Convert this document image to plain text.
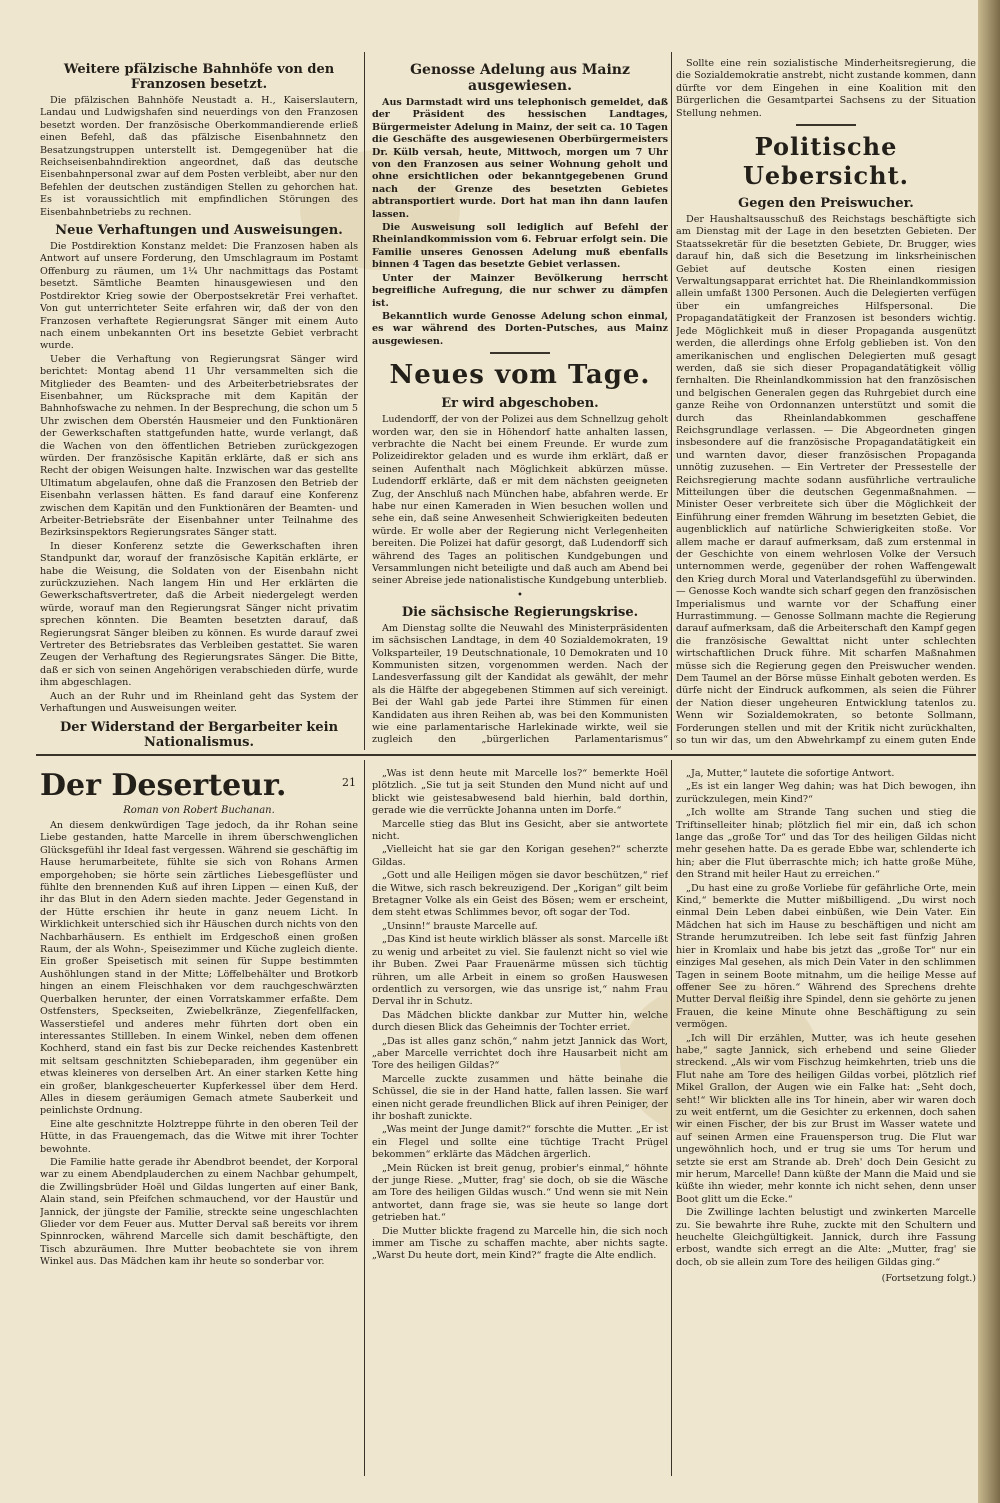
Weitere pfälzische Bahnhöfe von den Franzosen besetzt.

Die pfälzischen Bahnhöfe Neustadt a. H., Kaiserslautern, Landau und Ludwigshafen sind neuerdings von den Franzosen besetzt worden. Der französische Oberkommandierende erließ einen Befehl, daß das pfälzische Eisenbahnnetz den Besatzungstruppen unterstellt ist. Demgegenüber hat die Reichseisenbahndirektion angeordnet, daß das deutsche Eisenbahnpersonal zwar auf dem Posten verbleibt, aber nur den Befehlen der deutschen zuständigen Stellen zu gehorchen hat. Es ist voraussichtlich mit empfindlichen Störungen des Eisenbahnbetriebs zu rechnen.

Neue Verhaftungen und Ausweisungen.

Die Postdirektion Konstanz meldet: Die Franzosen haben als Antwort auf unsere Forderung, den Umschlagraum im Postamt Offenburg zu räumen, um 1¼ Uhr nachmittags das Postamt besetzt. Sämtliche Beamten hinausgewiesen und den Postdirektor Krieg sowie der Oberpostsekretär Frei verhaftet. Von gut unterrichteter Seite erfahren wir, daß der von den Franzosen verhaftete Regierungsrat Sänger mit einem Auto nach einem unbekannten Ort ins besetzte Gebiet verbracht wurde.

Ueber die Verhaftung von Regierungsrat Sänger wird berichtet: Montag abend 11 Uhr versammelten sich die Mitglieder des Beamten- und des Arbeiterbetriebsrates der Eisenbahner, um Rücksprache mit dem Kapitän der Bahnhofswache zu nehmen. In der Besprechung, die schon um 5 Uhr zwischen dem Oberstén Hausmeier und den Funktionären der Gewerkschaften stattgefunden hatte, wurde verlangt, daß die Wachen von den öffentlichen Betrieben zurückgezogen würden. Der französische Kapitän erklärte, daß er sich ans Recht der obigen Weisungen halte. Inzwischen war das gestellte Ultimatum abgelaufen, ohne daß die Franzosen den Betrieb der Eisenbahn verlassen hätten. Es fand darauf eine Konferenz zwischen dem Kapitän und den Funktionären der Beamten- und Arbeiter-Betriebsräte der Eisenbahner unter Teilnahme des Bezirksinspektors Regierungsrates Sänger statt.

In dieser Konferenz setzte die Gewerkschaften ihren Standpunkt dar, worauf der französische Kapitän erklärte, er habe die Weisung, die Soldaten von der Eisenbahn nicht zurückzuziehen. Nach langem Hin und Her erklärten die Gewerkschaftsvertreter, daß die Arbeit niedergelegt werden würde, worauf man den Regierungsrat Sänger nicht privatim sprechen könnten. Die Beamten besetzten darauf, daß Regierungsrat Sänger bleiben zu können. Es wurde darauf zwei Vertreter des Betriebsrates das Verbleiben gestattet. Sie waren Zeugen der Verhaftung des Regierungsrates Sänger. Die Bitte, daß er sich von seinen Angehörigen verabschieden dürfe, wurde ihm abgeschlagen.

Auch an der Ruhr und im Rheinland geht das System der Verhaftungen und Ausweisungen weiter.

Der Widerstand der Bergarbeiter kein Nationalismus.

Genosse Adelung aus Mainz ausgewiesen.

Aus Darmstadt wird uns telephonisch gemeldet, daß der Präsident des hessischen Landtages, Bürgermeister Adelung in Mainz, der seit ca. 10 Tagen die Geschäfte des ausgewiesenen Oberbürgermeisters Dr. Külb versah, heute, Mittwoch, morgen um 7 Uhr von den Franzosen aus seiner Wohnung geholt und ohne ersichtlichen oder bekanntgegebenen Grund nach der Grenze des besetzten Gebietes abtransportiert wurde. Dort hat man ihn dann laufen lassen.

Die Ausweisung soll lediglich auf Befehl der Rheinlandkommission vom 6. Februar erfolgt sein. Die Familie unseres Genossen Adelung muß ebenfalls binnen 4 Tagen das besetzte Gebiet verlassen.

Unter der Mainzer Bevölkerung herrscht begreifliche Aufregung, die nur schwer zu dämpfen ist.

Bekanntlich wurde Genosse Adelung schon einmal, es war während des Dorten-Putsches, aus Mainz ausgewiesen.

Neues vom Tage.
Er wird abgeschoben.

Ludendorff, der von der Polizei aus dem Schnellzug geholt worden war, den sie in Höhendorf hatte anhalten lassen, verbrachte die Nacht bei einem Freunde. Er wurde zum Polizeidirektor geladen und es wurde ihm erklärt, daß er seinen Aufenthalt nach Möglichkeit abkürzen müsse. Ludendorff erklärte, daß er mit dem nächsten geeigneten Zug, der Anschluß nach München habe, abfahren werde. Er habe nur einen Kameraden in Wien besuchen wollen und sehe ein, daß seine Anwesenheit Schwierigkeiten bedeuten würde. Er wolle aber der Regierung nicht Verlegenheiten bereiten. Die Polizei hat dafür gesorgt, daß Ludendorff sich während des Tages an politischen Kundgebungen und Versammlungen nicht beteiligte und daß auch am Abend bei seiner Abreise jede nationalistische Kundgebung unterblieb.

•
Die sächsische Regierungskrise.

Am Dienstag sollte die Neuwahl des Ministerpräsidenten im sächsischen Landtage, in dem 40 Sozialdemokraten, 19 Volksparteiler, 19 Deutschnationale, 10 Demokraten und 10 Kommunisten sitzen, vorgenommen werden. Nach der Landesverfassung gilt der Kandidat als gewählt, der mehr als die Hälfte der abgegebenen Stimmen auf sich vereinigt. Bei der Wahl gab jede Partei ihre Stimmen für einen Kandidaten aus ihren Reihen ab, was bei den Kommunisten wie eine parlamentarische Harlekinade wirkte, weil sie zugleich den „bürgerlichen Parlamentarismus“

Sollte eine rein sozialistische Minderheitsregierung, die die Sozialdemokratie anstrebt, nicht zustande kommen, dann dürfte vor dem Eingehen in eine Koalition mit den Bürgerlichen die Gesamtpartei Sachsens zu der Situation Stellung nehmen.

Politische Uebersicht.
Gegen den Preiswucher.

Der Haushaltsausschuß des Reichstags beschäftigte sich am Dienstag mit der Lage in den besetzten Gebieten. Der Staatssekretär für die besetzten Gebiete, Dr. Brugger, wies darauf hin, daß sich die Besetzung im linksrheinischen Gebiet auf deutsche Kosten einen riesigen Verwaltungsapparat errichtet hat. Die Rheinlandkommission allein umfaßt 1300 Personen. Auch die Delegierten verfügen über ein umfangreiches Hilfspersonal. Die Propagandatätigkeit der Franzosen ist besonders wichtig. Jede Möglichkeit muß in dieser Propaganda ausgenützt werden, die allerdings ohne Erfolg geblieben ist. Von den amerikanischen und englischen Delegierten muß gesagt werden, daß sie sich dieser Propagandatätigkeit völlig fernhalten. Die Rheinlandkommission hat den französischen und belgischen Generalen gegen das Ruhrgebiet durch eine ganze Reihe von Ordonnanzen unterstützt und somit die durch das Rheinlandabkommen geschaffene Reichsgrundlage verlassen. — Die Abgeordneten gingen insbesondere auf die französische Propagandatätigkeit ein und warnten davor, dieser französischen Propaganda unnötig zuzusehen. — Ein Vertreter der Pressestelle der Reichsregierung machte sodann ausführliche vertrauliche Mitteilungen über die deutschen Gegenmaßnahmen. — Minister Oeser verbreitete sich über die Möglichkeit der Einführung einer fremden Währung im besetzten Gebiet, die augenblicklich auf natürliche Schwierigkeiten stoße. Vor allem mache er darauf aufmerksam, daß zum erstenmal in der Geschichte von einem wehrlosen Volke der Versuch unternommen werde, gegenüber der rohen Waffengewalt den Krieg durch Moral und Vaterlandsgefühl zu überwinden. — Genosse Koch wandte sich scharf gegen den französischen Imperialismus und warnte vor der Schaffung einer Hurrastimmung. — Genosse Sollmann machte die Regierung darauf aufmerksam, daß die Arbeiterschaft den Kampf gegen die französische Gewalttat nicht unter schlechten wirtschaftlichen Druck führe. Mit scharfen Maßnahmen müsse sich die Regierung gegen den Preiswucher wenden. Dem Taumel an der Börse müsse Einhalt geboten werden. Es dürfe nicht der Eindruck aufkommen, als seien die Führer der Nation dieser ungeheuren Entwicklung tatenlos zu. Wenn wir Sozialdemokraten, so betonte Sollmann, Forderungen stellen und mit der Kritik nicht zurückhalten, so tun wir das, um den Abwehrkampf zu einem guten Ende

Der Deserteur.	21
Roman von Robert Buchanan.

An diesem denkwürdigen Tage jedoch, da ihr Rohan seine Liebe gestanden, hatte Marcelle in ihrem überschwenglichen Glücksgefühl ihr Ideal fast vergessen. Während sie geschäftig im Hause herumarbeitete, fühlte sie sich von Rohans Armen emporgehoben; sie hörte sein zärtliches Liebesgeflüster und fühlte den brennenden Kuß auf ihren Lippen — einen Kuß, der ihr das Blut in den Adern sieden machte. Jeder Gegenstand in der Hütte erschien ihr heute in ganz neuem Licht. In Wirklichkeit unterschied sich ihr Häuschen durch nichts von den Nachbarhäusern. Es enthielt im Erdgeschoß einen großen Raum, der als Wohn-, Speisezimmer und Küche zugleich diente. Ein großer Speisetisch mit seinen für Suppe bestimmten Aushöhlungen stand in der Mitte; Löffelbehälter und Brotkorb hingen an einem Fleischhaken vor dem rauchgeschwärzten Querbalken herunter, der einen Vorratskammer erfaßte. Dem Ostfensters, Speckseiten, Zwiebelkränze, Ziegenfellfacken, Wasserstiefel und anderes mehr führten dort oben ein interessantes Stillleben. In einem Winkel, neben dem offenen Kochherd, stand ein fast bis zur Decke reichendes Kastenbrett mit seltsam geschnitzten Schiebeparaden, ihm gegenüber ein etwas kleineres von derselben Art. An einer starken Kette hing ein großer, blankgescheuerter Kupferkessel über dem Herd. Alles in diesem geräumigen Gemach atmete Sauberkeit und peinlichste Ordnung.

Eine alte geschnitzte Holztreppe führte in den oberen Teil der Hütte, in das Frauengemach, das die Witwe mit ihrer Tochter bewohnte.

Die Familie hatte gerade ihr Abendbrot beendet, der Korporal war zu einem Abendplauderchen zu einem Nachbar gehumpelt, die Zwillingsbrüder Hoël und Gildas lungerten auf einer Bank, Alain stand, sein Pfeifchen schmauchend, vor der Haustür und Jannick, der jüngste der Familie, streckte seine ungeschlachten Glieder vor dem Feuer aus. Mutter Derval saß bereits vor ihrem Spinnrocken, während Marcelle sich damit beschäftigte, den Tisch abzuräumen. Ihre Mutter beobachtete sie von ihrem Winkel aus. Das Mädchen kam ihr heute so sonderbar vor.

„Was ist denn heute mit Marcelle los?“ bemerkte Hoël plötzlich. „Sie tut ja seit Stunden den Mund nicht auf und blickt wie geistesabwesend bald hierhin, bald dorthin, gerade wie die verrückte Johanna unten im Dorfe.“

Marcelle stieg das Blut ins Gesicht, aber sie antwortete nicht.

„Vielleicht hat sie gar den Korigan gesehen?“ scherzte Gildas.

„Gott und alle Heiligen mögen sie davor beschützen,“ rief die Witwe, sich rasch bekreuzigend. Der „Korigan“ gilt beim Bretagner Volke als ein Geist des Bösen; wem er erscheint, dem steht etwas Schlimmes bevor, oft sogar der Tod.

„Unsinn!“ brauste Marcelle auf.

„Das Kind ist heute wirklich blässer als sonst. Marcelle ißt zu wenig und arbeitet zu viel. Sie faulenzt nicht so viel wie ihr Buben. Zwei Paar Frauenärme müssen sich tüchtig rühren, um alle Arbeit in einem so großen Hauswesen ordentlich zu versorgen, wie das unsrige ist,“ nahm Frau Derval ihr in Schutz.

Das Mädchen blickte dankbar zur Mutter hin, welche durch diesen Blick das Geheimnis der Tochter erriet.

„Das ist alles ganz schön,“ nahm jetzt Jannick das Wort, „aber Marcelle verrichtet doch ihre Hausarbeit nicht am Tore des heiligen Gildas?“

Marcelle zuckte zusammen und hätte beinahe die Schüssel, die sie in der Hand hatte, fallen lassen. Sie warf einen nicht gerade freundlichen Blick auf ihren Peiniger, der ihr boshaft zunickte.

„Was meint der Junge damit?“ forschte die Mutter. „Er ist ein Flegel und sollte eine tüchtige Tracht Prügel bekommen“ erklärte das Mädchen ärgerlich.

„Mein Rücken ist breit genug, probier's einmal,“ höhnte der junge Riese. „Mutter, frag' sie doch, ob sie die Wäsche am Tore des heiligen Gildas wusch.“ Und wenn sie mit Nein antwortet, dann frage sie, was sie heute so lange dort getrieben hat.“

Die Mutter blickte fragend zu Marcelle hin, die sich noch immer am Tische zu schaffen machte, aber nichts sagte. „Warst Du heute dort, mein Kind?“ fragte die Alte endlich.

„Ja, Mutter,“ lautete die sofortige Antwort.

„Es ist ein langer Weg dahin; was hat Dich bewogen, ihn zurückzulegen, mein Kind?“

„Ich wollte am Strande Tang suchen und stieg die Triftinselleiter hinab; plötzlich fiel mir ein, daß ich schon lange das „große Tor“ und das Tor des heiligen Gildas nicht mehr gesehen hatte. Da es gerade Ebbe war, schlenderte ich hin; aber die Flut überraschte mich; ich hatte große Mühe, den Strand mit heiler Haut zu erreichen.“

„Du hast eine zu große Vorliebe für gefährliche Orte, mein Kind,“ bemerkte die Mutter mißbilligend. „Du wirst noch einmal Dein Leben dabei einbüßen, wie Dein Vater. Ein Mädchen hat sich im Hause zu beschäftigen und nicht am Strande herumzutreiben. Ich lebe seit fast fünfzig Jahren hier in Kromlaix und habe bis jetzt das „große Tor“ nur ein einziges Mal gesehen, als mich Dein Vater in den schlimmen Tagen in seinem Boote mitnahm, um die heilige Messe auf offener See zu hören.“ Während des Sprechens drehte Mutter Derval fleißig ihre Spindel, denn sie gehörte zu jenen Frauen, die keine Minute ohne Beschäftigung zu sein vermögen.

„Ich will Dir erzählen, Mutter, was ich heute gesehen habe,“ sagte Jannick, sich erhebend und seine Glieder streckend. „Als wir vom Fischzug heimkehrten, trieb uns die Flut nahe am Tore des heiligen Gildas vorbei, plötzlich rief Mikel Grallon, der Augen wie ein Falke hat: „Seht doch, seht!“ Wir blickten alle ins Tor hinein, aber wir waren doch zu weit entfernt, um die Gesichter zu erkennen, doch sahen wir einen Fischer, der bis zur Brust im Wasser watete und auf seinen Armen eine Frauensperson trug. Die Flut war ungewöhnlich hoch, und er trug sie ums Tor herum und setzte sie erst am Strande ab. Dreh' doch Dein Gesicht zu mir herum, Marcelle! Dann küßte der Mann die Maid und sie küßte ihn wieder, mehr konnte ich nicht sehen, denn unser Boot glitt um die Ecke.“

Die Zwillinge lachten belustigt und zwinkerten Marcelle zu. Sie bewahrte ihre Ruhe, zuckte mit den Schultern und heuchelte Gleichgültigkeit. Jannick, durch ihre Fassung erbost, wandte sich erregt an die Alte: „Mutter, frag' sie doch, ob sie allein zum Tore des heiligen Gildas ging.“

(Fortsetzung folgt.)
